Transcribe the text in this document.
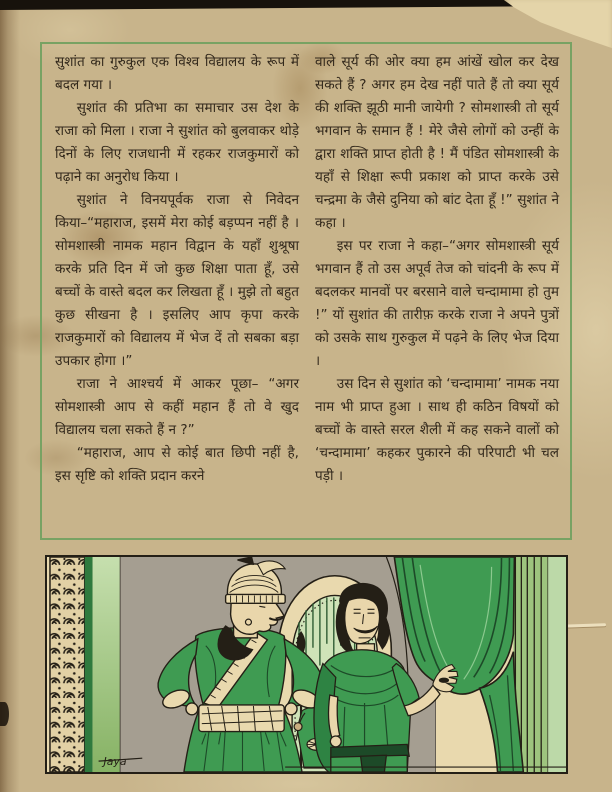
सुशांत का गुरुकुल एक विश्व विद्यालय के रूप में बदल गया ।

सुशांत की प्रतिभा का समाचार उस देश के राजा को मिला । राजा ने सुशांत को बुलवाकर थोड़े दिनों के लिए राजधानी में रहकर राजकुमारों को पढ़ाने का अनुरोध किया ।

सुशांत ने विनयपूर्वक राजा से निवेदन किया–“महाराज, इसमें मेरा कोई बड़प्पन नहीं है । सोमशास्त्री नामक महान विद्वान के यहाँ शुश्रूषा करके प्रति दिन में जो कुछ शिक्षा पाता हूँ, उसे बच्चों के वास्ते बदल कर लिखता हूँ । मुझे तो बहुत कुछ सीखना है । इसलिए आप कृपा करके राजकुमारों को विद्यालय में भेज दें तो सबका बड़ा उपकार होगा ।”

राजा ने आश्चर्य में आकर पूछा– “अगर सोमशास्त्री आप से कहीं महान हैं तो वे खुद विद्यालय चला सकते हैं न ?”

“महाराज, आप से कोई बात छिपी नहीं है, इस सृष्टि को शक्ति प्रदान करने

वाले सूर्य की ओर क्या हम आंखें खोल कर देख सकते हैं ? अगर हम देख नहीं पाते हैं तो क्या सूर्य की शक्ति झूठी मानी जायेगी ? सोमशास्त्री तो सूर्य भगवान के समान हैं ! मेरे जैसे लोगों को उन्हीं के द्वारा शक्ति प्राप्त होती है ! मैं पंडित सोमशास्त्री के यहाँ से शिक्षा रूपी प्रकाश को प्राप्त करके उसे चन्द्रमा के जैसे दुनिया को बांट देता हूँ !” सुशांत ने कहा ।

इस पर राजा ने कहा–“अगर सोमशास्त्री सूर्य भगवान हैं तो उस अपूर्व तेज को चांदनी के रूप में बदलकर मानवों पर बरसाने वाले चन्दामामा हो तुम !” यों सुशांत की तारीफ़ करके राजा ने अपने पुत्रों को उसके साथ गुरुकुल में पढ़ने के लिए भेज दिया ।

उस दिन से सुशांत को ‘चन्दामामा’ नामक नया नाम भी प्राप्त हुआ । साथ ही कठिन विषयों को बच्चों के वास्ते सरल शैली में कह सकने वालों को ‘चन्दामामा’ कहकर पुकारने की परिपाटी भी चल पड़ी ।

Jaya
